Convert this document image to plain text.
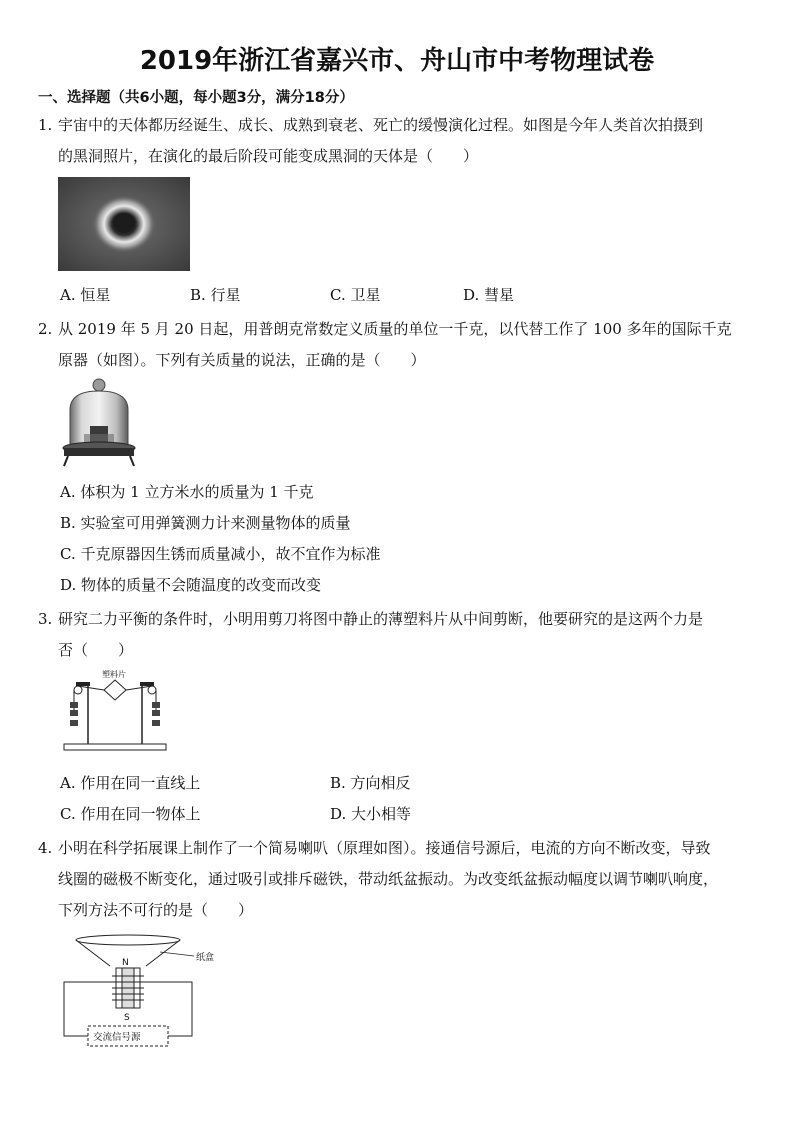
2019年浙江省嘉兴市、舟山市中考物理试卷
一、选择题（共6小题，每小题3分，满分18分）
1. 宇宙中的天体都历经诞生、成长、成熟到衰老、死亡的缓慢演化过程。如图是今年人类首次拍摄到
的黑洞照片，在演化的最后阶段可能变成黑洞的天体是（　　）
A. 恒星	B. 行星	C. 卫星	D. 彗星
2. 从 2019 年 5 月 20 日起，用普朗克常数定义质量的单位一千克，以代替工作了 100 多年的国际千克
原器（如图）。下列有关质量的说法，正确的是（　　）
A. 体积为 1 立方米水的质量为 1 千克
B. 实验室可用弹簧测力计来测量物体的质量
C. 千克原器因生锈而质量减小，故不宜作为标准
D. 物体的质量不会随温度的改变而改变
3. 研究二力平衡的条件时，小明用剪刀将图中静止的薄塑料片从中间剪断，他要研究的是这两个力是
否（　　）
塑料片
A. 作用在同一直线上	B. 方向相反
C. 作用在同一物体上	D. 大小相等
4. 小明在科学拓展课上制作了一个简易喇叭（原理如图）。接通信号源后，电流的方向不断改变，导致
线圈的磁极不断变化，通过吸引或排斥磁铁，带动纸盆振动。为改变纸盆振动幅度以调节喇叭响度，
下列方法不可行的是（　　）
纸盒
N
S
交流信号源
